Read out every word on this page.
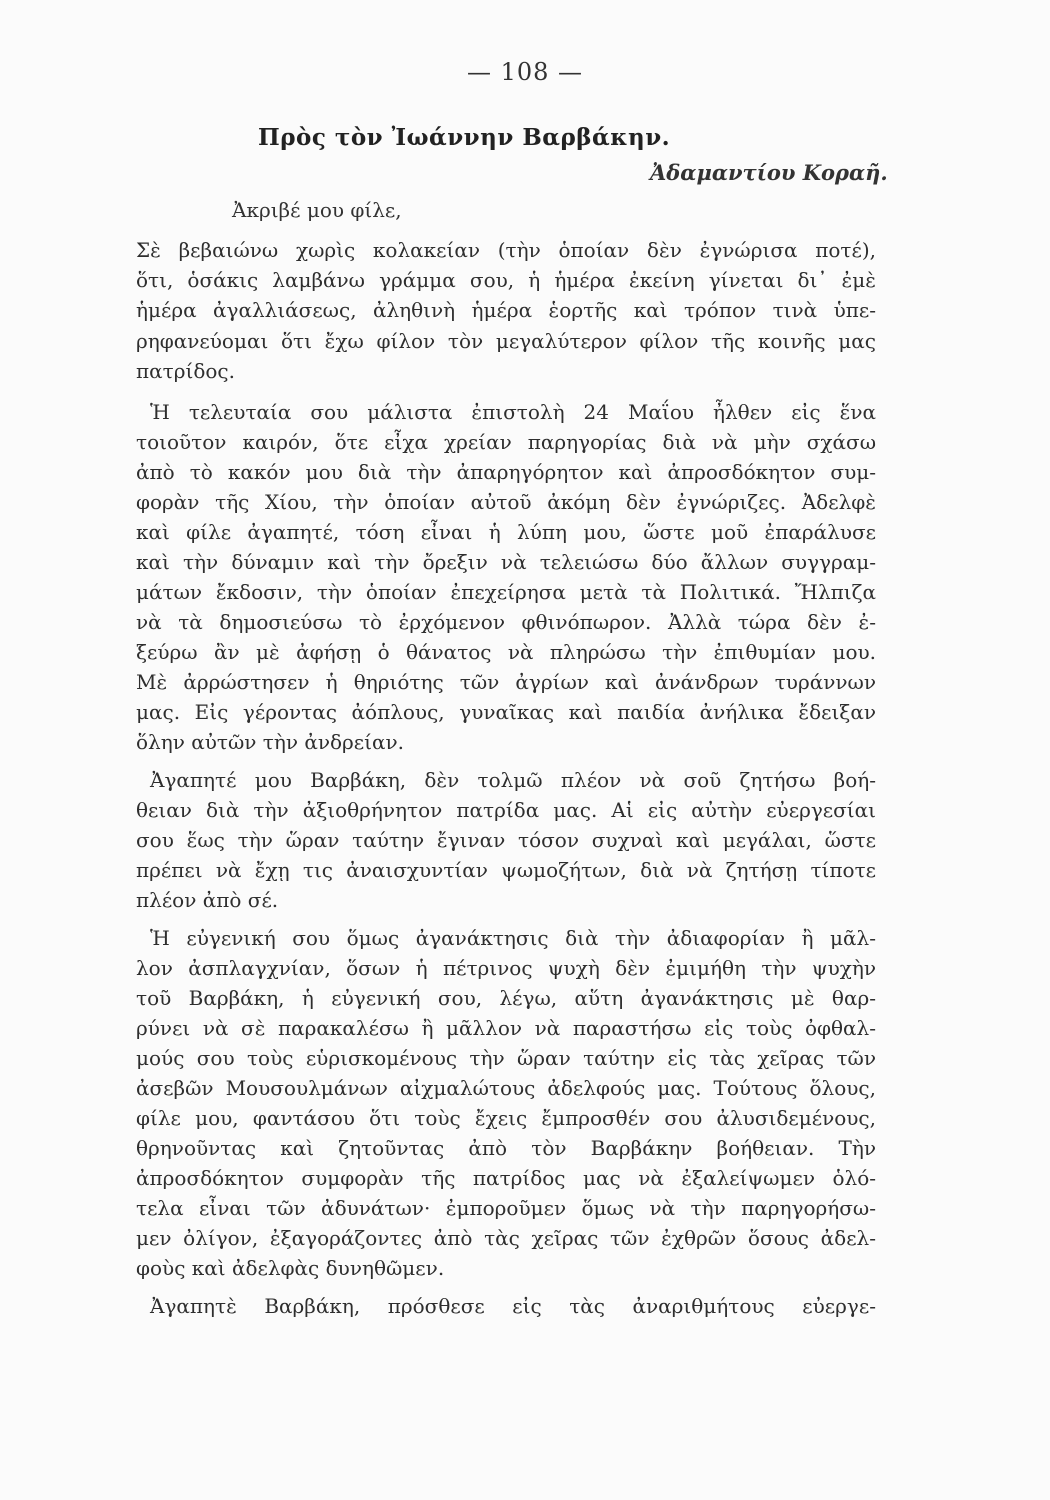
— 108 —
Πρὸς τὸν Ἰωάννην Βαρβάκην.
Ἀδαμαντίου Κοραῆ.
Ἀκριβέ μου φίλε,
Σὲ βεβαιώνω χωρὶς κολακείαν (τὴν ὁποίαν δὲν ἐγνώρισα ποτέ),
ὅτι, ὁσάκις λαμβάνω γράμμα σου, ἡ ἡμέρα ἐκείνη γίνεται δι᾽ ἐμὲ
ἡμέρα ἀγαλλιάσεως, ἀληθινὴ ἡμέρα ἑορτῆς καὶ τρόπον τινὰ ὑπε-
ρηφανεύομαι ὅτι ἔχω φίλον τὸν μεγαλύτερον φίλον τῆς κοινῆς μας
πατρίδος.
Ἡ τελευταία σου μάλιστα ἐπιστολὴ 24 Μαΐου ἦλθεν εἰς ἕνα
τοιοῦτον καιρόν, ὅτε εἶχα χρείαν παρηγορίας διὰ νὰ μὴν σχάσω
ἀπὸ τὸ κακόν μου διὰ τὴν ἀπαρηγόρητον καὶ ἀπροσδόκητον συμ-
φορὰν τῆς Χίου, τὴν ὁποίαν αὐτοῦ ἀκόμη δὲν ἐγνώριζες. Ἀδελφὲ
καὶ φίλε ἀγαπητέ, τόση εἶναι ἡ λύπη μου, ὥστε μοῦ ἐπαράλυσε
καὶ τὴν δύναμιν καὶ τὴν ὄρεξιν νὰ τελειώσω δύο ἄλλων συγγραμ-
μάτων ἔκδοσιν, τὴν ὁποίαν ἐπεχείρησα μετὰ τὰ Πολιτικά. Ἤλπιζα
νὰ τὰ δημοσιεύσω τὸ ἐρχόμενον φθινόπωρον. Ἀλλὰ τώρα δὲν ἐ-
ξεύρω ἂν μὲ ἀφήσῃ ὁ θάνατος νὰ πληρώσω τὴν ἐπιθυμίαν μου.
Μὲ ἀρρώστησεν ἡ θηριότης τῶν ἀγρίων καὶ ἀνάνδρων τυράννων
μας. Εἰς γέροντας ἀόπλους, γυναῖκας καὶ παιδία ἀνήλικα ἔδειξαν
ὅλην αὐτῶν τὴν ἀνδρείαν.
Ἀγαπητέ μου Βαρβάκη, δὲν τολμῶ πλέον νὰ σοῦ ζητήσω βοή-
θειαν διὰ τὴν ἀξιοθρήνητον πατρίδα μας. Αἱ εἰς αὐτὴν εὐεργεσίαι
σου ἕως τὴν ὥραν ταύτην ἔγιναν τόσον συχναὶ καὶ μεγάλαι, ὥστε
πρέπει νὰ ἔχῃ τις ἀναισχυντίαν ψωμοζήτων, διὰ νὰ ζητήσῃ τίποτε
πλέον ἀπὸ σέ.
Ἡ εὐγενική σου ὅμως ἀγανάκτησις διὰ τὴν ἀδιαφορίαν ἢ μᾶλ-
λον ἀσπλαγχνίαν, ὅσων ἡ πέτρινος ψυχὴ δὲν ἐμιμήθη τὴν ψυχὴν
τοῦ Βαρβάκη, ἡ εὐγενική σου, λέγω, αὕτη ἀγανάκτησις μὲ θαρ-
ρύνει νὰ σὲ παρακαλέσω ἢ μᾶλλον νὰ παραστήσω εἰς τοὺς ὀφθαλ-
μούς σου τοὺς εὑρισκομένους τὴν ὥραν ταύτην εἰς τὰς χεῖρας τῶν
ἀσεβῶν Μουσουλμάνων αἰχμαλώτους ἀδελφούς μας. Τούτους ὅλους,
φίλε μου, φαντάσου ὅτι τοὺς ἔχεις ἔμπροσθέν σου ἀλυσιδεμένους,
θρηνοῦντας καὶ ζητοῦντας ἀπὸ τὸν Βαρβάκην βοήθειαν. Τὴν
ἀπροσδόκητον συμφορὰν τῆς πατρίδος μας νὰ ἐξαλείψωμεν ὁλό-
τελα εἶναι τῶν ἀδυνάτων· ἐμποροῦμεν ὅμως νὰ τὴν παρηγορήσω-
μεν ὀλίγον, ἐξαγοράζοντες ἀπὸ τὰς χεῖρας τῶν ἐχθρῶν ὅσους ἀδελ-
φοὺς καὶ ἀδελφὰς δυνηθῶμεν.
Ἀγαπητὲ Βαρβάκη, πρόσθεσε εἰς τὰς ἀναριθμήτους εὐεργε-
